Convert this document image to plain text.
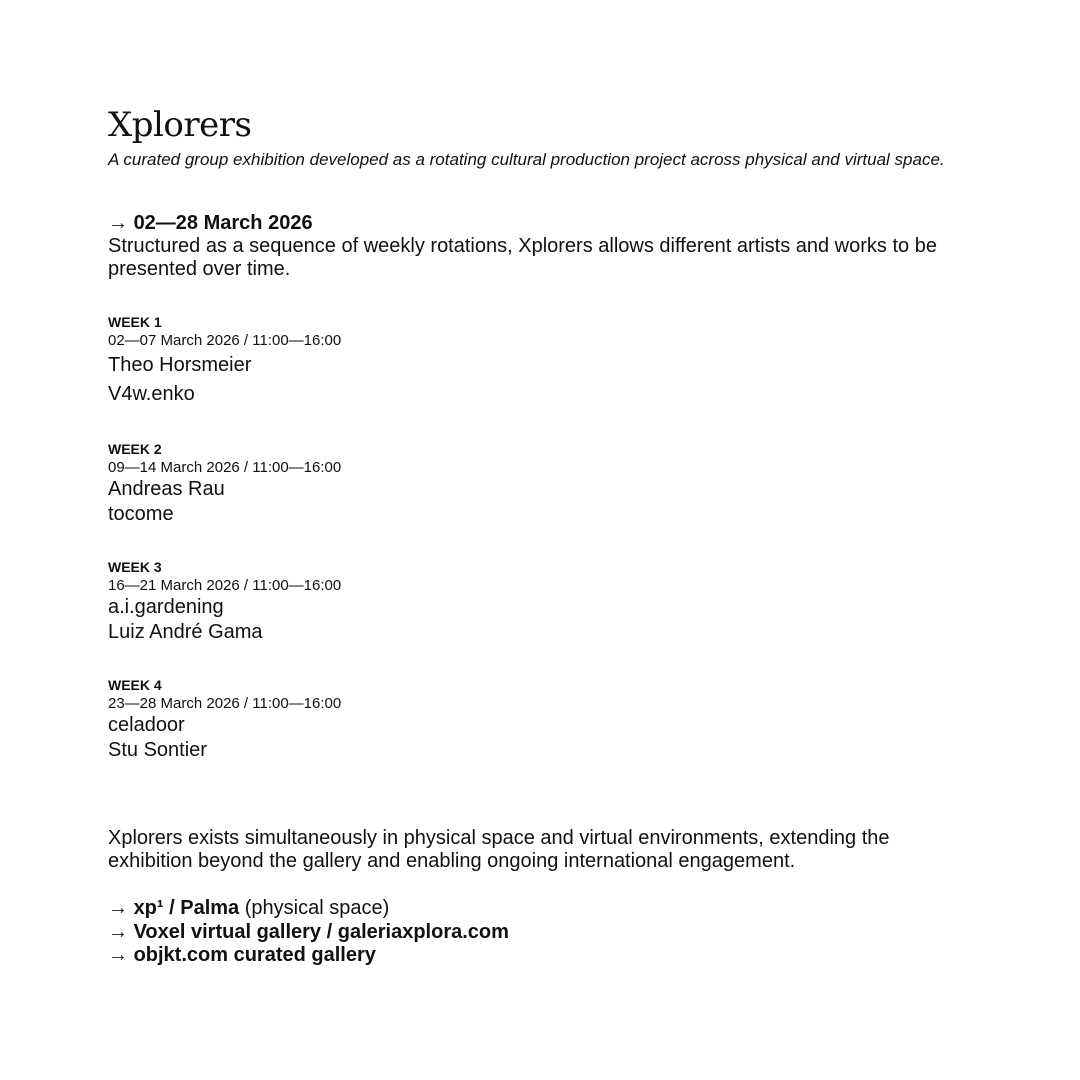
Xplorers

A curated group exhibition developed as a rotating cultural production project across physical and virtual space.

→ 02—28 March 2026

Structured as a sequence of weekly rotations, Xplorers allows different artists and works to be presented over time.

WEEK 1
02—07 March 2026 / 11:00—16:00
Theo Horsmeier
V4w.enko
WEEK 2
09—14 March 2026 / 11:00—16:00
Andreas Rau
tocome
WEEK 3
16—21 March 2026 / 11:00—16:00
a.i.gardening
Luiz André Gama
WEEK 4
23—28 March 2026 / 11:00—16:00
celadoor
Stu Sontier

Xplorers exists simultaneously in physical space and virtual environments, extending the exhibition beyond the gallery and enabling ongoing international engagement.

→ xp¹ / Palma (physical space)
→ Voxel virtual gallery / galeriaxplora.com
→ objkt.com curated gallery
